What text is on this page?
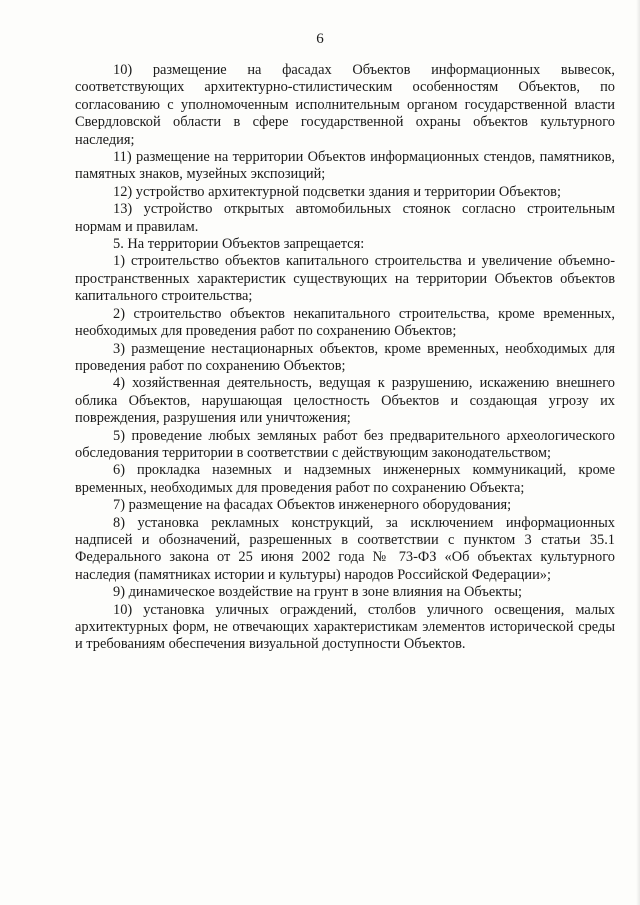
6

10) размещение на фасадах Объектов информационных вывесок, соответствующих архитектурно-стилистическим особенностям Объектов, по согласованию с уполномоченным исполнительным органом государственной власти Свердловской области в сфере государственной охраны объектов культурного наследия;

11) размещение на территории Объектов информационных стендов, памятников, памятных знаков, музейных экспозиций;

12) устройство архитектурной подсветки здания и территории Объектов;

13) устройство открытых автомобильных стоянок согласно строительным нормам и правилам.

5. На территории Объектов запрещается:

1) строительство объектов капитального строительства и увеличение объемно-пространственных характеристик существующих на территории Объектов объектов капитального строительства;

2) строительство объектов некапитального строительства, кроме временных, необходимых для проведения работ по сохранению Объектов;

3) размещение нестационарных объектов, кроме временных, необходимых для проведения работ по сохранению Объектов;

4) хозяйственная деятельность, ведущая к разрушению, искажению внешнего облика Объектов, нарушающая целостность Объектов и создающая угрозу их повреждения, разрушения или уничтожения;

5) проведение любых земляных работ без предварительного археологического обследования территории в соответствии с действующим законодательством;

6) прокладка наземных и надземных инженерных коммуникаций, кроме временных, необходимых для проведения работ по сохранению Объекта;

7) размещение на фасадах Объектов инженерного оборудования;

8) установка рекламных конструкций, за исключением информационных надписей и обозначений, разрешенных в соответствии с пунктом 3 статьи 35.1 Федерального закона от 25 июня 2002 года № 73-ФЗ «Об объектах культурного наследия (памятниках истории и культуры) народов Российской Федерации»;

9) динамическое воздействие на грунт в зоне влияния на Объекты;

10) установка уличных ограждений, столбов уличного освещения, малых архитектурных форм, не отвечающих характеристикам элементов исторической среды и требованиям обеспечения визуальной доступности Объектов.
